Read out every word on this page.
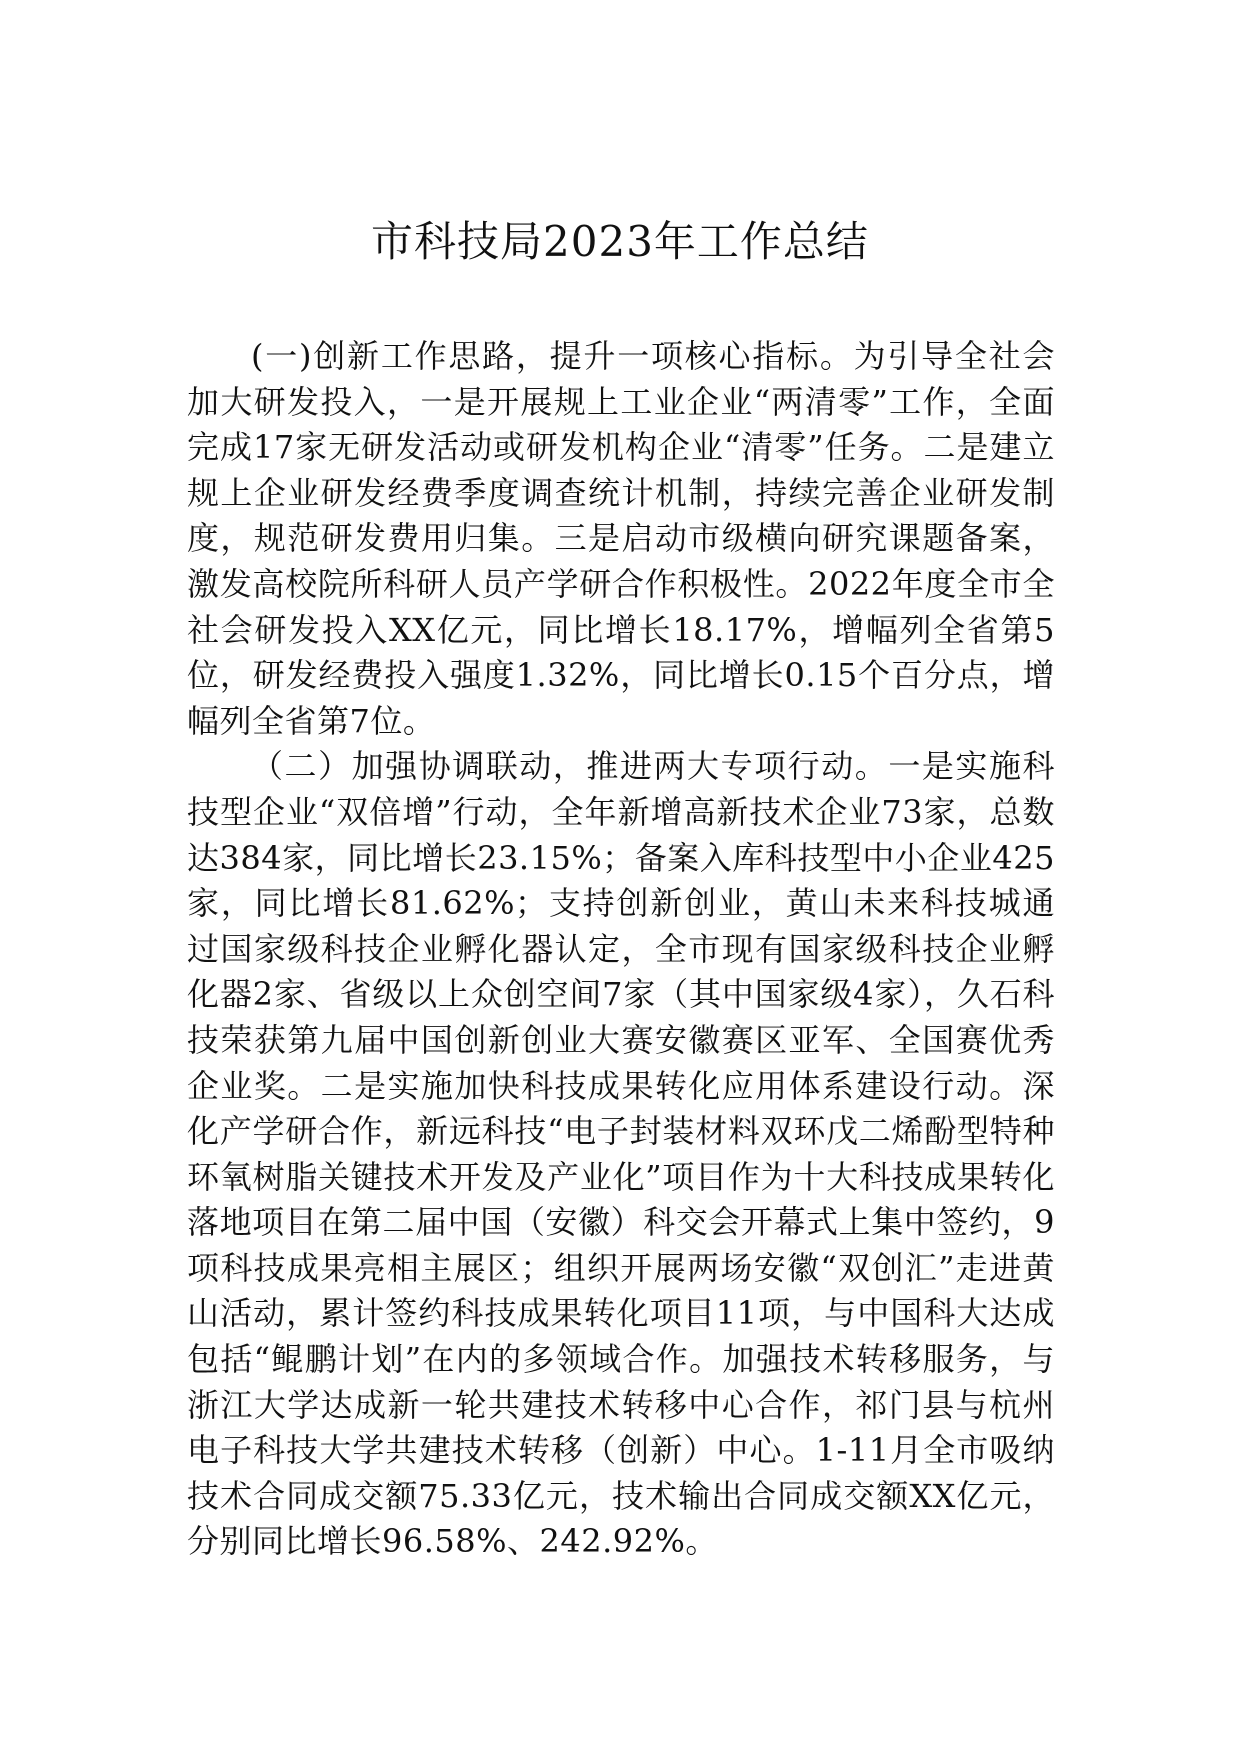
市科技局2023年工作总结

(一)创新工作思路，提升一项核心指标。为引导全社会加大研发投入，一是开展规上工业企业“两清零”工作，全面完成17家无研发活动或研发机构企业“清零”任务。二是建立规上企业研发经费季度调查统计机制，持续完善企业研发制度，规范研发费用归集。三是启动市级横向研究课题备案，激发高校院所科研人员产学研合作积极性。2022年度全市全社会研发投入XX亿元，同比增长18.17%，增幅列全省第5位，研发经费投入强度1.32%，同比增长0.15个百分点，增幅列全省第7位。

（二）加强协调联动，推进两大专项行动。一是实施科技型企业“双倍增”行动，全年新增高新技术企业73家，总数达384家，同比增长23.15%；备案入库科技型中小企业425家，同比增长81.62%；支持创新创业，黄山未来科技城通过国家级科技企业孵化器认定，全市现有国家级科技企业孵化器2家、省级以上众创空间7家（其中国家级4家），久石科技荣获第九届中国创新创业大赛安徽赛区亚军、全国赛优秀企业奖。二是实施加快科技成果转化应用体系建设行动。深化产学研合作，新远科技“电子封装材料双环戊二烯酚型特种环氧树脂关键技术开发及产业化”项目作为十大科技成果转化落地项目在第二届中国（安徽）科交会开幕式上集中签约，9项科技成果亮相主展区；组织开展两场安徽“双创汇”走进黄山活动，累计签约科技成果转化项目11项，与中国科大达成包括“鲲鹏计划”在内的多领域合作。加强技术转移服务，与浙江大学达成新一轮共建技术转移中心合作，祁门县与杭州电子科技大学共建技术转移（创新）中心。1-11月全市吸纳技术合同成交额75.33亿元，技术输出合同成交额XX亿元，分别同比增长96.58%、242.92%。
